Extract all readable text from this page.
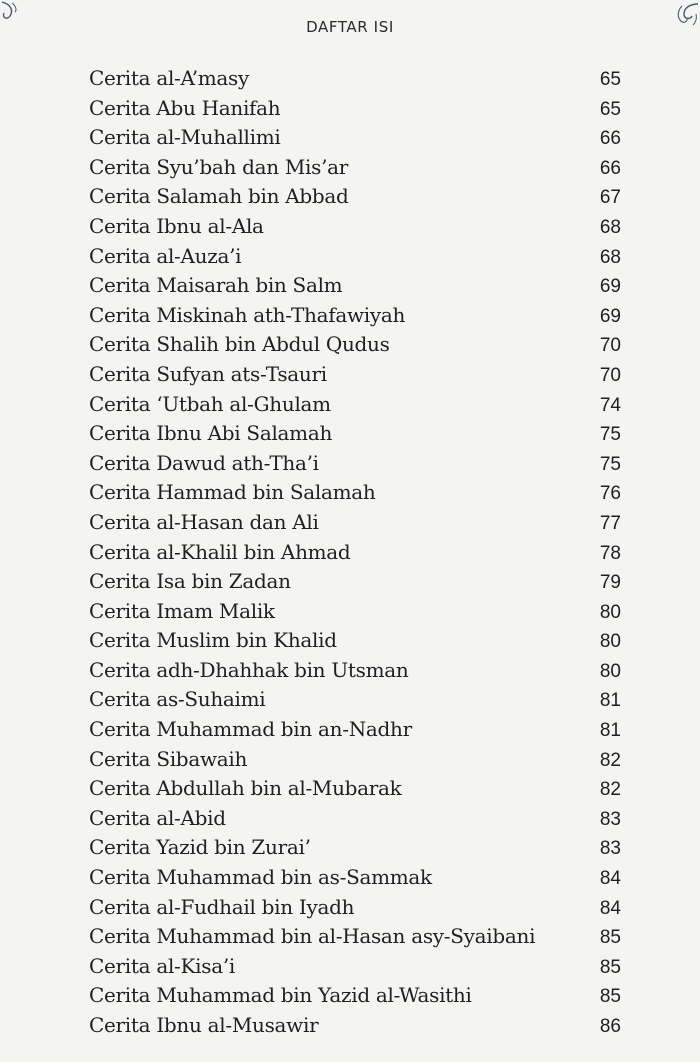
DAFTAR ISI
Cerita al-A’masy	65
Cerita Abu Hanifah	65
Cerita al-Muhallimi	66
Cerita Syu’bah dan Mis’ar	66
Cerita Salamah bin Abbad	67
Cerita Ibnu al-Ala	68
Cerita al-Auza’i	68
Cerita Maisarah bin Salm	69
Cerita Miskinah ath-Thafawiyah	69
Cerita Shalih bin Abdul Qudus	70
Cerita Sufyan ats-Tsauri	70
Cerita ‘Utbah al-Ghulam	74
Cerita Ibnu Abi Salamah	75
Cerita Dawud ath-Tha’i	75
Cerita Hammad bin Salamah	76
Cerita al-Hasan dan Ali	77
Cerita al-Khalil bin Ahmad	78
Cerita Isa bin Zadan	79
Cerita Imam Malik	80
Cerita Muslim bin Khalid	80
Cerita adh-Dhahhak bin Utsman	80
Cerita as-Suhaimi	81
Cerita Muhammad bin an-Nadhr	81
Cerita Sibawaih	82
Cerita Abdullah bin al-Mubarak	82
Cerita al-Abid	83
Cerita Yazid bin Zurai’	83
Cerita Muhammad bin as-Sammak	84
Cerita al-Fudhail bin Iyadh	84
Cerita Muhammad bin al-Hasan asy-Syaibani	85
Cerita al-Kisa’i	85
Cerita Muhammad bin Yazid al-Wasithi	85
Cerita Ibnu al-Musawir	86
